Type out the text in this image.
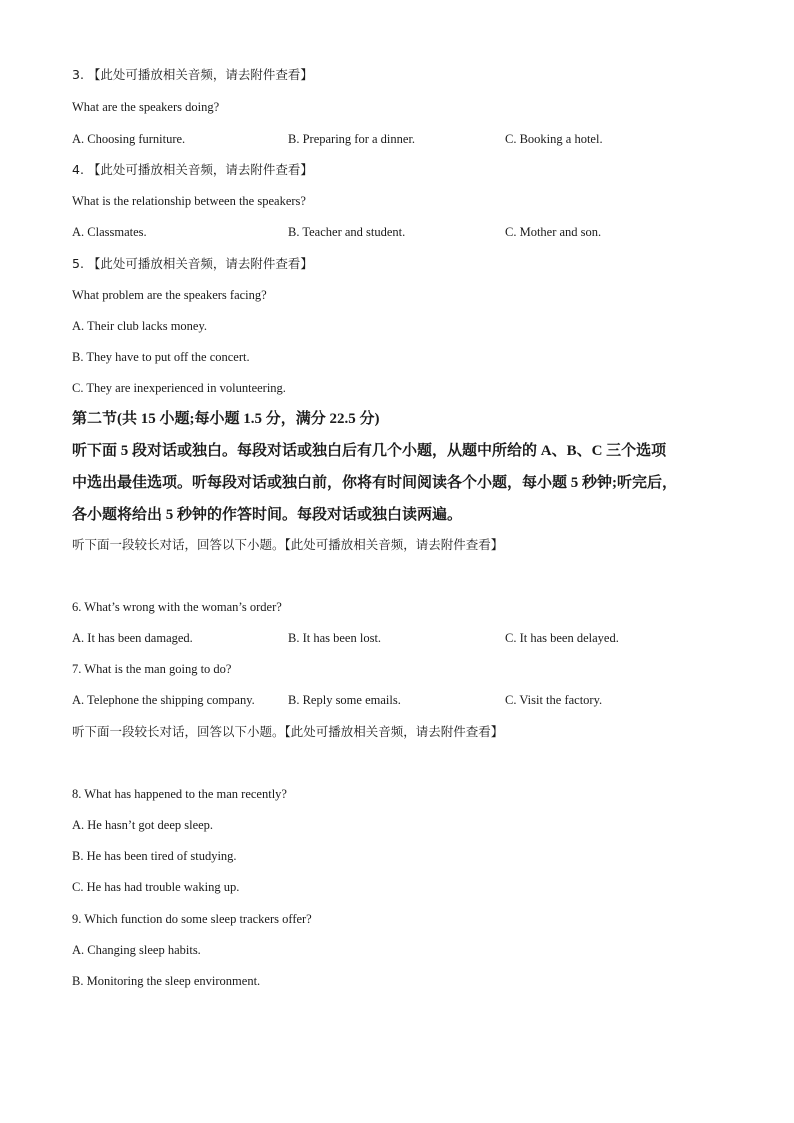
3. 【此处可播放相关音频，请去附件查看】
What are the speakers doing?
A. Choosing furniture.	B. Preparing for a dinner.	C. Booking a hotel.
4. 【此处可播放相关音频，请去附件查看】
What is the relationship between the speakers?
A. Classmates.	B. Teacher and student.	C. Mother and son.
5. 【此处可播放相关音频，请去附件查看】
What problem are the speakers facing?
A. Their club lacks money.
B. They have to put off the concert.
C. They are inexperienced in volunteering.
第二节(共 15 小题;每小题 1.5 分，满分 22.5 分)
听下面 5 段对话或独白。每段对话或独白后有几个小题，从题中所给的 A、B、C 三个选项
中选出最佳选项。听每段对话或独白前，你将有时间阅读各个小题，每小题 5 秒钟;听完后，
各小题将给出 5 秒钟的作答时间。每段对话或独白读两遍。
听下面一段较长对话，回答以下小题。【此处可播放相关音频，请去附件查看】
6. What’s wrong with the woman’s order?
A. It has been damaged.	B. It has been lost.	C. It has been delayed.
7. What is the man going to do?
A. Telephone the shipping company.	B. Reply some emails.	C. Visit the factory.
听下面一段较长对话，回答以下小题。【此处可播放相关音频，请去附件查看】
8. What has happened to the man recently?
A. He hasn’t got deep sleep.
B. He has been tired of studying.
C. He has had trouble waking up.
9. Which function do some sleep trackers offer?
A. Changing sleep habits.
B. Monitoring the sleep environment.
